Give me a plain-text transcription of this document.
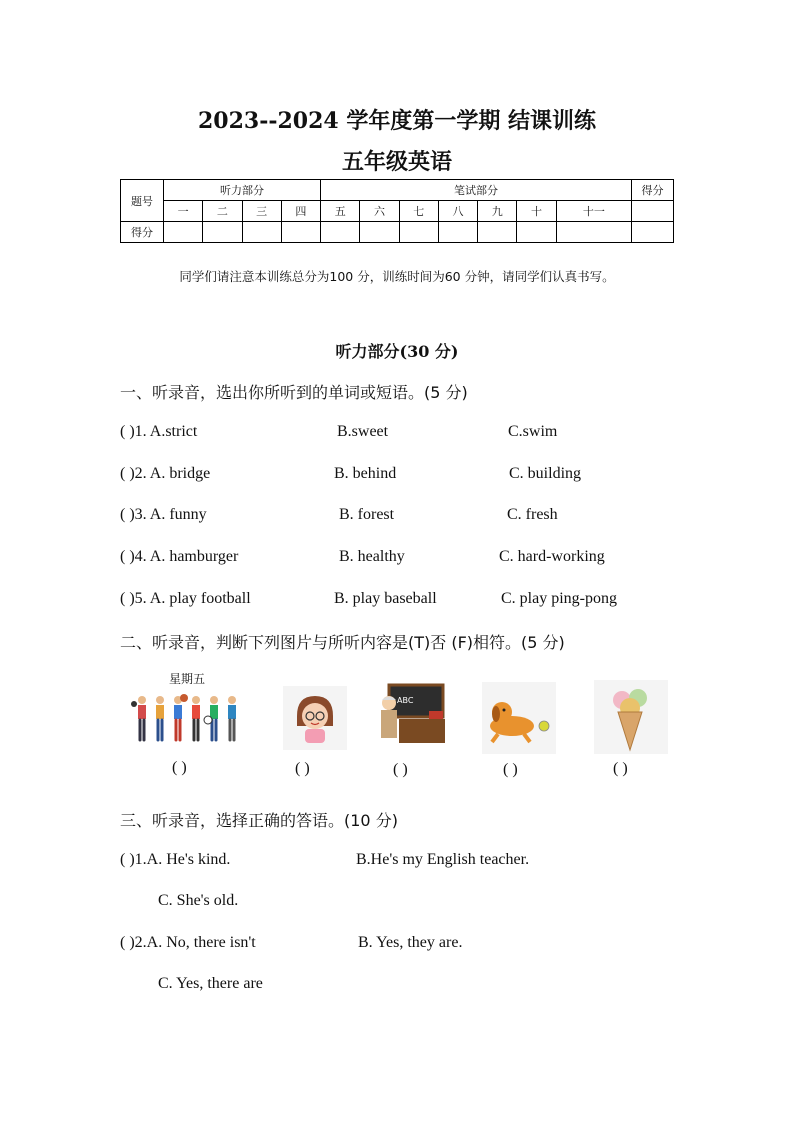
2023--2024 学年度第一学期 结课训练
五年级英语
题号	听力部分				笔试部分							得分
	一	二	三	四	五	六	七	八	九	十	十一	
得分												
同学们请注意本训练总分为100 分，训练时间为60 分钟，请同学们认真书写。
听力部分(30 分)
一、听录音，选出你所听到的单词或短语。(5 分)
( )1. A.strict	B.sweet	C.swim
( )2. A. bridge	B. behind	C. building
( )3. A. funny	B. forest	C. fresh
( )4. A. hamburger	B. healthy	C. hard-working
( )5. A. play football	B. play baseball	C. play ping-pong
二、听录音，判断下列图片与所听内容是(T)否 (F)相符。(5 分)
星期五
ABC
( )	( )	( )	( )	( )
三、听录音，选择正确的答语。(10 分)
( )1.A. He's kind.	B.He's my English teacher.
C. She's old.
( )2.A. No, there isn't	B. Yes, they are.
C. Yes, there are
